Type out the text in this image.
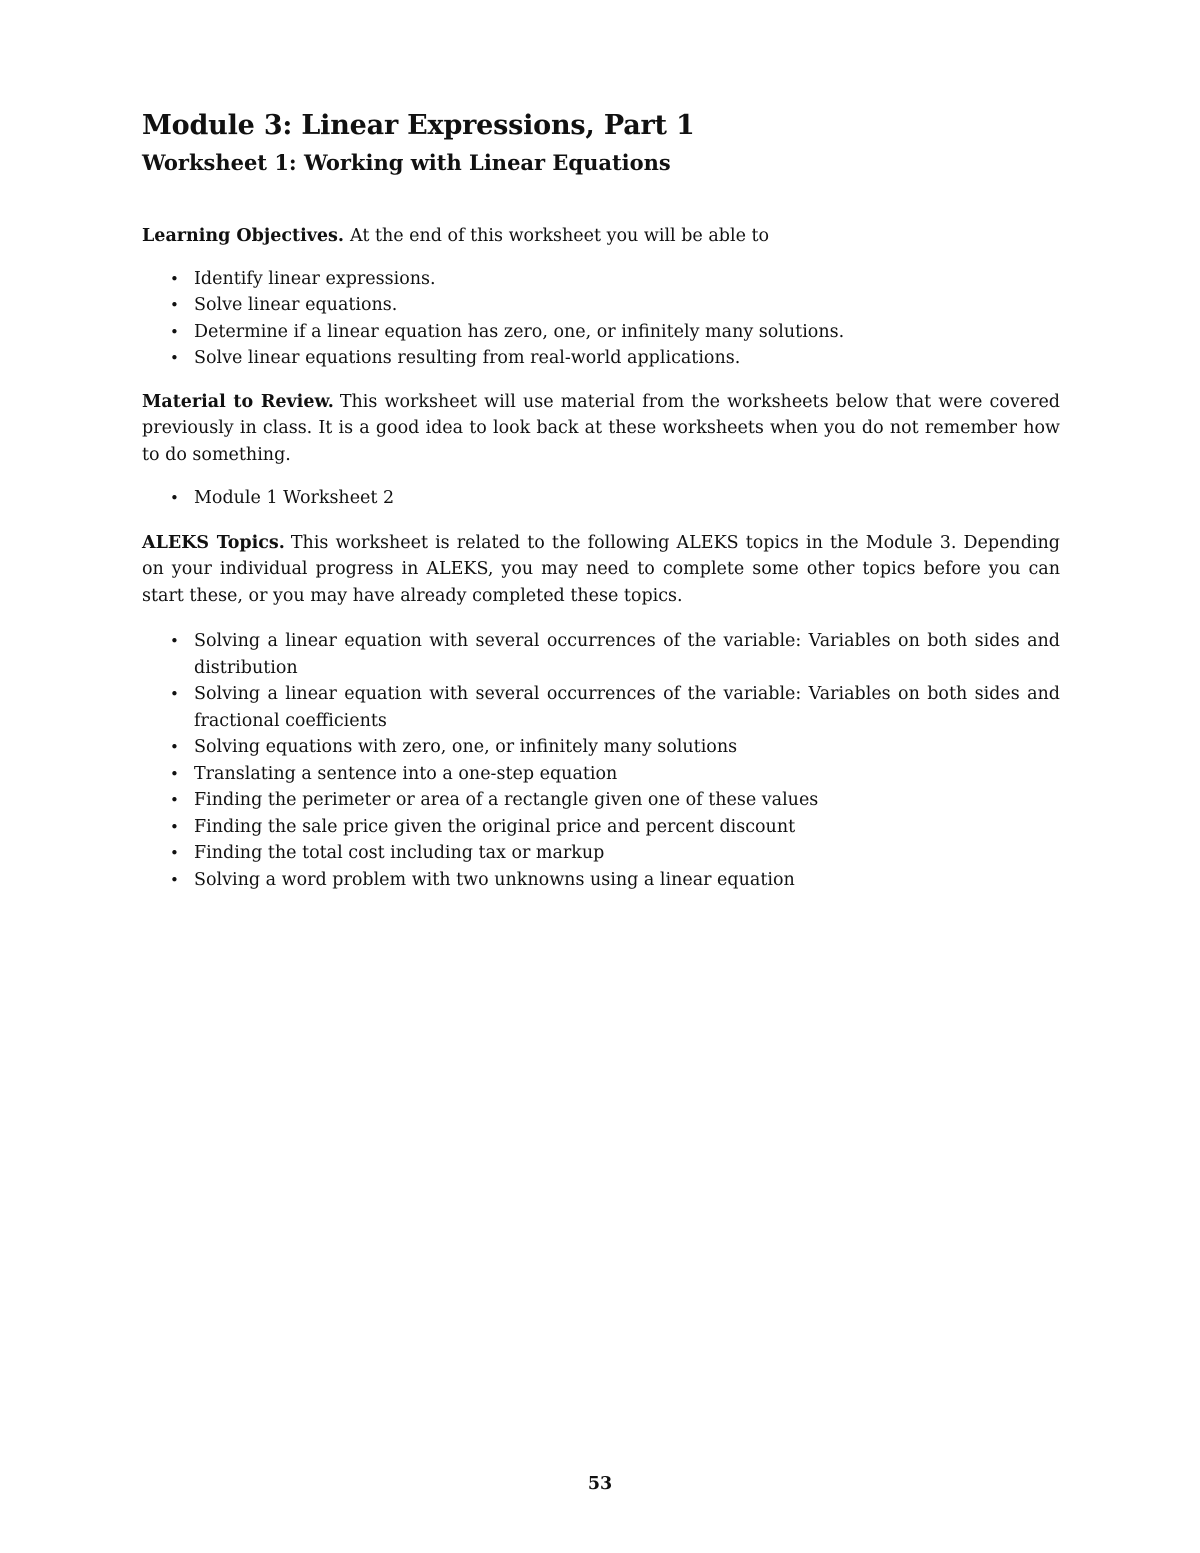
Module 3: Linear Expressions, Part 1
Worksheet 1: Working with Linear Equations

Learning Objectives. At the end of this worksheet you will be able to

• Identify linear expressions.
• Solve linear equations.
• Determine if a linear equation has zero, one, or infinitely many solutions.
• Solve linear equations resulting from real-world applications.

Material to Review. This worksheet will use material from the worksheets below that were covered previously in class. It is a good idea to look back at these worksheets when you do not remember how to do something.

• Module 1 Worksheet 2

ALEKS Topics. This worksheet is related to the following ALEKS topics in the Module 3. Depending on your individual progress in ALEKS, you may need to complete some other topics before you can start these, or you may have already completed these topics.

• Solving a linear equation with several occurrences of the variable: Variables on both sides and distribution
• Solving a linear equation with several occurrences of the variable: Variables on both sides and fractional coefficients
• Solving equations with zero, one, or infinitely many solutions
• Translating a sentence into a one-step equation
• Finding the perimeter or area of a rectangle given one of these values
• Finding the sale price given the original price and percent discount
• Finding the total cost including tax or markup
• Solving a word problem with two unknowns using a linear equation
53
